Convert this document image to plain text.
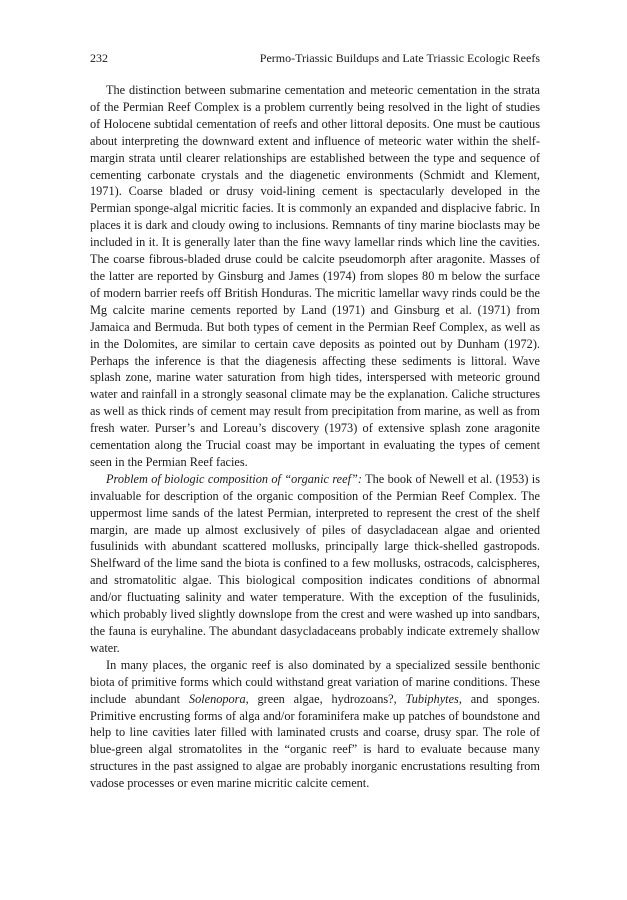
232	Permo-Triassic Buildups and Late Triassic Ecologic Reefs

The distinction between submarine cementation and meteoric cementation in the strata of the Permian Reef Complex is a problem currently being resolved in the light of studies of Holocene subtidal cementation of reefs and other littoral deposits. One must be cautious about interpreting the downward extent and influence of meteoric water within the shelf-margin strata until clearer relationships are established between the type and sequence of cementing carbonate crystals and the diagenetic environments (Schmidt and Klement, 1971). Coarse bladed or drusy void-lining cement is spectacularly developed in the Permian sponge-algal micritic facies. It is commonly an expanded and displacive fabric. In places it is dark and cloudy owing to inclusions. Remnants of tiny marine bioclasts may be included in it. It is generally later than the fine wavy lamellar rinds which line the cavities. The coarse fibrous-bladed druse could be calcite pseudomorph after aragonite. Masses of the latter are reported by Ginsburg and James (1974) from slopes 80 m below the surface of modern barrier reefs off British Honduras. The micritic lamellar wavy rinds could be the Mg calcite marine cements reported by Land (1971) and Ginsburg et al. (1971) from Jamaica and Bermuda. But both types of cement in the Permian Reef Complex, as well as in the Dolomites, are similar to certain cave deposits as pointed out by Dunham (1972). Perhaps the inference is that the diagenesis affecting these sediments is littoral. Wave splash zone, marine water saturation from high tides, interspersed with meteoric ground water and rainfall in a strongly seasonal climate may be the explanation. Caliche structures as well as thick rinds of cement may result from precipitation from marine, as well as from fresh water. Purser’s and Loreau’s discovery (1973) of extensive splash zone aragonite cementation along the Trucial coast may be important in evaluating the types of cement seen in the Permian Reef facies.

Problem of biologic composition of “organic reef”: The book of Newell et al. (1953) is invaluable for description of the organic composition of the Permian Reef Complex. The uppermost lime sands of the latest Permian, interpreted to represent the crest of the shelf margin, are made up almost exclusively of piles of dasycladacean algae and oriented fusulinids with abundant scattered mollusks, principally large thick-shelled gastropods. Shelfward of the lime sand the biota is confined to a few mollusks, ostracods, calcispheres, and stromatolitic algae. This biological composition indicates conditions of abnormal and/or fluctuating salinity and water temperature. With the exception of the fusulinids, which probably lived slightly downslope from the crest and were washed up into sandbars, the fauna is euryhaline. The abundant dasycladaceans probably indicate extremely shallow water.

In many places, the organic reef is also dominated by a specialized sessile benthonic biota of primitive forms which could withstand great variation of marine conditions. These include abundant Solenopora, green algae, hydrozoans?, Tubiphytes, and sponges. Primitive encrusting forms of alga and/or foraminifera make up patches of boundstone and help to line cavities later filled with laminated crusts and coarse, drusy spar. The role of blue-green algal stromatolites in the “organic reef” is hard to evaluate because many structures in the past assigned to algae are probably inorganic encrustations resulting from vadose processes or even marine micritic calcite cement.
